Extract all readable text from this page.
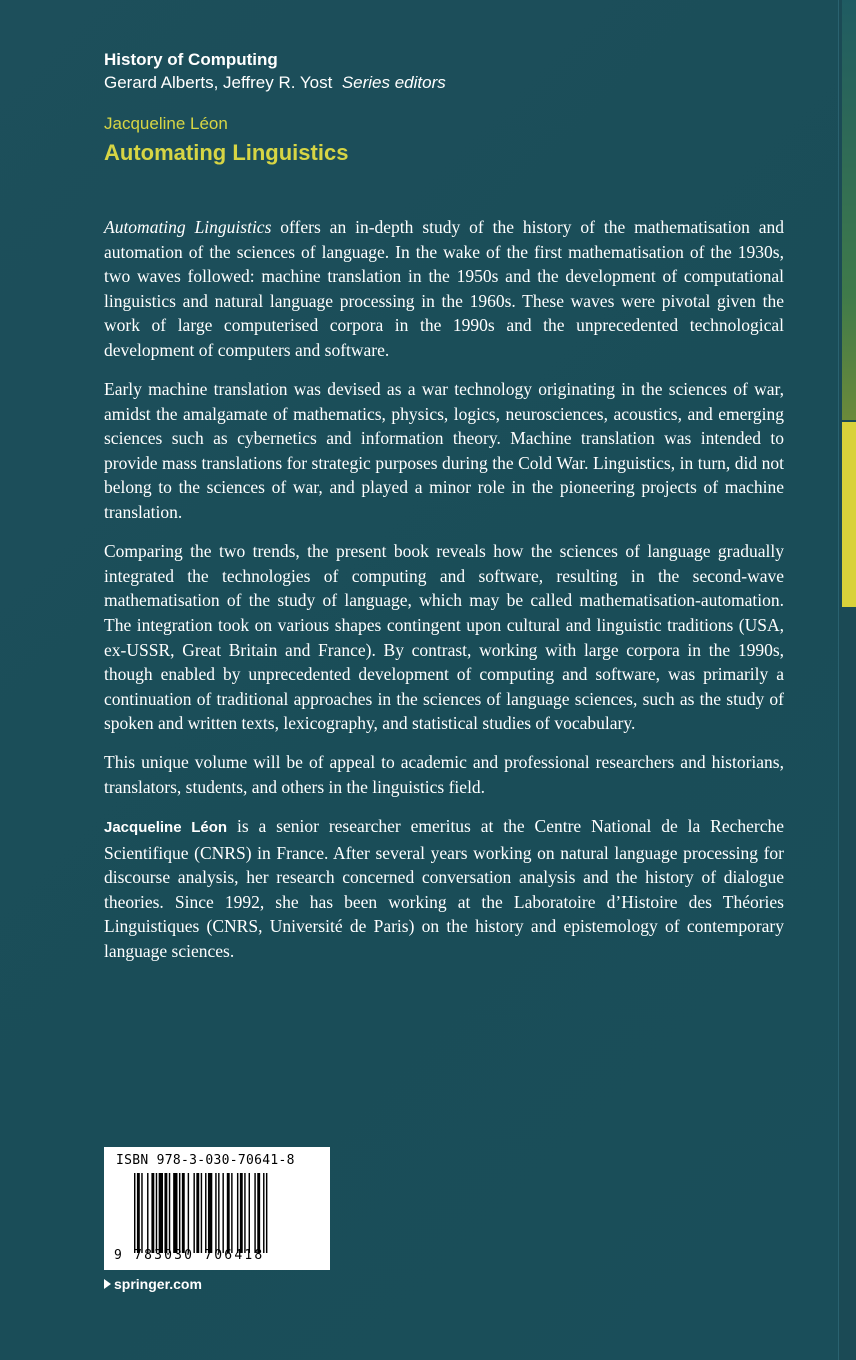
History of Computing
Gerard Alberts, Jeffrey R. Yost Series editors
Jacqueline Léon
Automating Linguistics

Automating Linguistics offers an in-depth study of the history of the mathematisation and automation of the sciences of language. In the wake of the first mathematisation of the 1930s, two waves followed: machine translation in the 1950s and the development of computational linguistics and natural language processing in the 1960s. These waves were pivotal given the work of large computerised corpora in the 1990s and the unprecedented technological development of computers and software.

Early machine translation was devised as a war technology originating in the sciences of war, amidst the amalgamate of mathematics, physics, logics, neurosciences, acoustics, and emerging sciences such as cybernetics and information theory. Machine translation was intended to provide mass translations for strategic purposes during the Cold War. Linguistics, in turn, did not belong to the sciences of war, and played a minor role in the pioneering projects of machine translation.

Comparing the two trends, the present book reveals how the sciences of language gradually integrated the technologies of computing and software, resulting in the second-wave mathematisation of the study of language, which may be called mathematisation-automation. The integration took on various shapes contingent upon cultural and linguistic traditions (USA, ex-USSR, Great Britain and France). By contrast, working with large corpora in the 1990s, though enabled by unprecedented development of computing and software, was primarily a continuation of traditional approaches in the sciences of language sciences, such as the study of spoken and written texts, lexicography, and statistical studies of vocabulary.

This unique volume will be of appeal to academic and professional researchers and historians, translators, students, and others in the linguistics field.

Jacqueline Léon is a senior researcher emeritus at the Centre National de la Recherche Scientifique (CNRS) in France. After several years working on natural language processing for discourse analysis, her research concerned conversation analysis and the history of dialogue theories. Since 1992, she has been working at the Laboratoire d’Histoire des Théories Linguistiques (CNRS, Université de Paris) on the history and epistemology of contemporary language sciences.

ISBN 978-3-030-70641-8
9 783030 706418
springer.com
